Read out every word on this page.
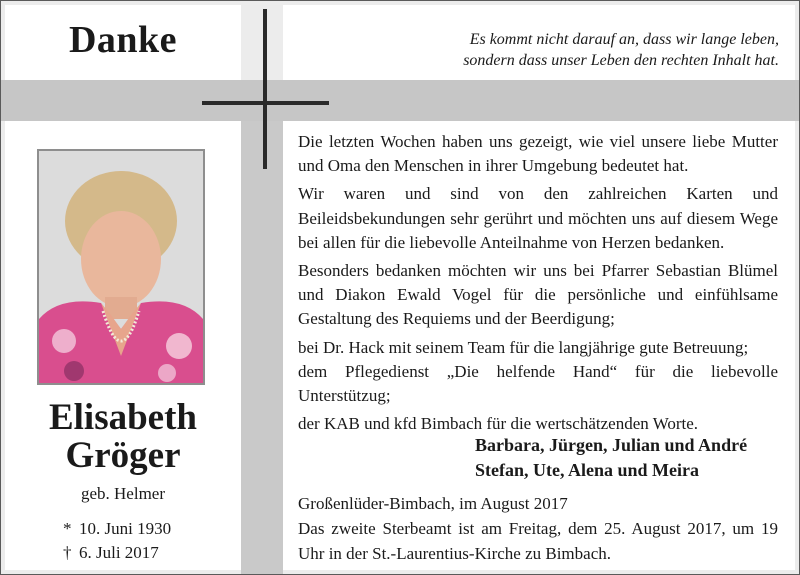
Danke	Es kommt nicht darauf an, dass wir lange leben,
sondern dass unser Leben den rechten Inhalt hat.
Elisabeth
Gröger
geb. Helmer
* 10. Juni 1930
† 6. Juli 2017

Die letzten Wochen haben uns gezeigt, wie viel unsere liebe Mutter und Oma den Menschen in ihrer Umgebung bedeutet hat.

Wir waren und sind von den zahlreichen Karten und Beileidsbekundungen sehr gerührt und möchten uns auf diesem Wege bei allen für die liebevolle Anteilnahme von Herzen bedanken.

Besonders bedanken möchten wir uns bei Pfarrer Sebastian Blümel und Diakon Ewald Vogel für die persönliche und einfühlsame Gestaltung des Requiems und der Beerdigung;

bei Dr. Hack mit seinem Team für die langjährige gute Betreuung;

dem Pflegedienst „Die helfende Hand“ für die liebevolle Unterstützug;

der KAB und kfd Bimbach für die wertschätzenden Worte.

Barbara, Jürgen, Julian und André
Stefan, Ute, Alena und Meira
Großenlüder-Bimbach, im August 2017
Das zweite Sterbeamt ist am Freitag, dem 25. August 2017, um 19 Uhr in der St.-Laurentius-Kirche zu Bimbach.
